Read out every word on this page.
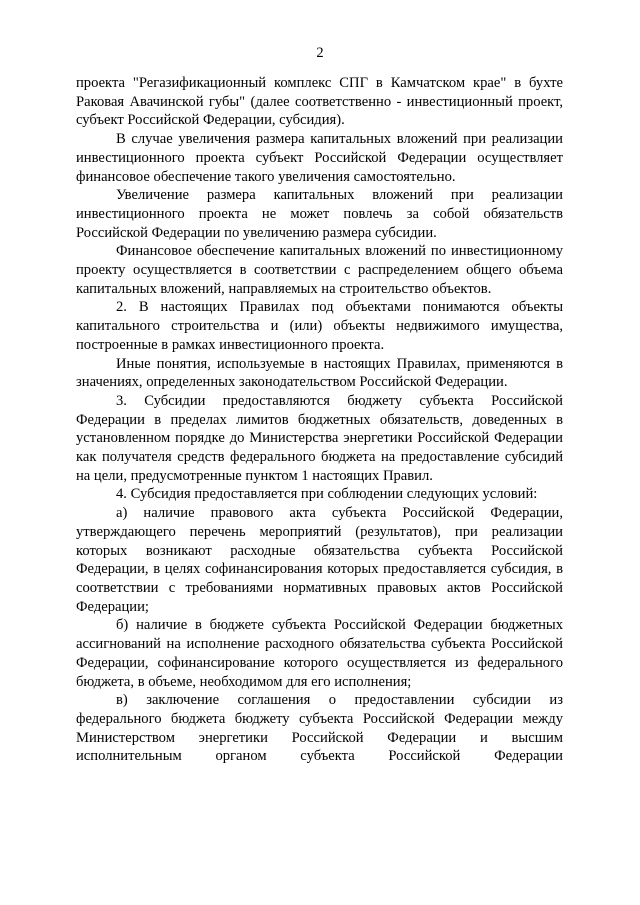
2

проекта "Регазификационный комплекс СПГ в Камчатском крае" в бухте Раковая Авачинской губы" (далее соответственно - инвестиционный проект, субъект Российской Федерации, субсидия).

В случае увеличения размера капитальных вложений при реализации инвестиционного проекта субъект Российской Федерации осуществляет финансовое обеспечение такого увеличения самостоятельно.

Увеличение размера капитальных вложений при реализации инвестиционного проекта не может повлечь за собой обязательств Российской Федерации по увеличению размера субсидии.

Финансовое обеспечение капитальных вложений по инвестиционному проекту осуществляется в соответствии с распределением общего объема капитальных вложений, направляемых на строительство объектов.

2. В настоящих Правилах под объектами понимаются объекты капитального строительства и (или) объекты недвижимого имущества, построенные в рамках инвестиционного проекта.

Иные понятия, используемые в настоящих Правилах, применяются в значениях, определенных законодательством Российской Федерации.

3. Субсидии предоставляются бюджету субъекта Российской Федерации в пределах лимитов бюджетных обязательств, доведенных в установленном порядке до Министерства энергетики Российской Федерации как получателя средств федерального бюджета на предоставление субсидий на цели, предусмотренные пунктом 1 настоящих Правил.

4. Субсидия предоставляется при соблюдении следующих условий:

а) наличие правового акта субъекта Российской Федерации, утверждающего перечень мероприятий (результатов), при реализации которых возникают расходные обязательства субъекта Российской Федерации, в целях софинансирования которых предоставляется субсидия, в соответствии с требованиями нормативных правовых актов Российской Федерации;

б) наличие в бюджете субъекта Российской Федерации бюджетных ассигнований на исполнение расходного обязательства субъекта Российской Федерации, софинансирование которого осуществляется из федерального бюджета, в объеме, необходимом для его исполнения;

в) заключение соглашения о предоставлении субсидии из федерального бюджета бюджету субъекта Российской Федерации между Министерством энергетики Российской Федерации и высшим исполнительным органом субъекта Российской Федерации
